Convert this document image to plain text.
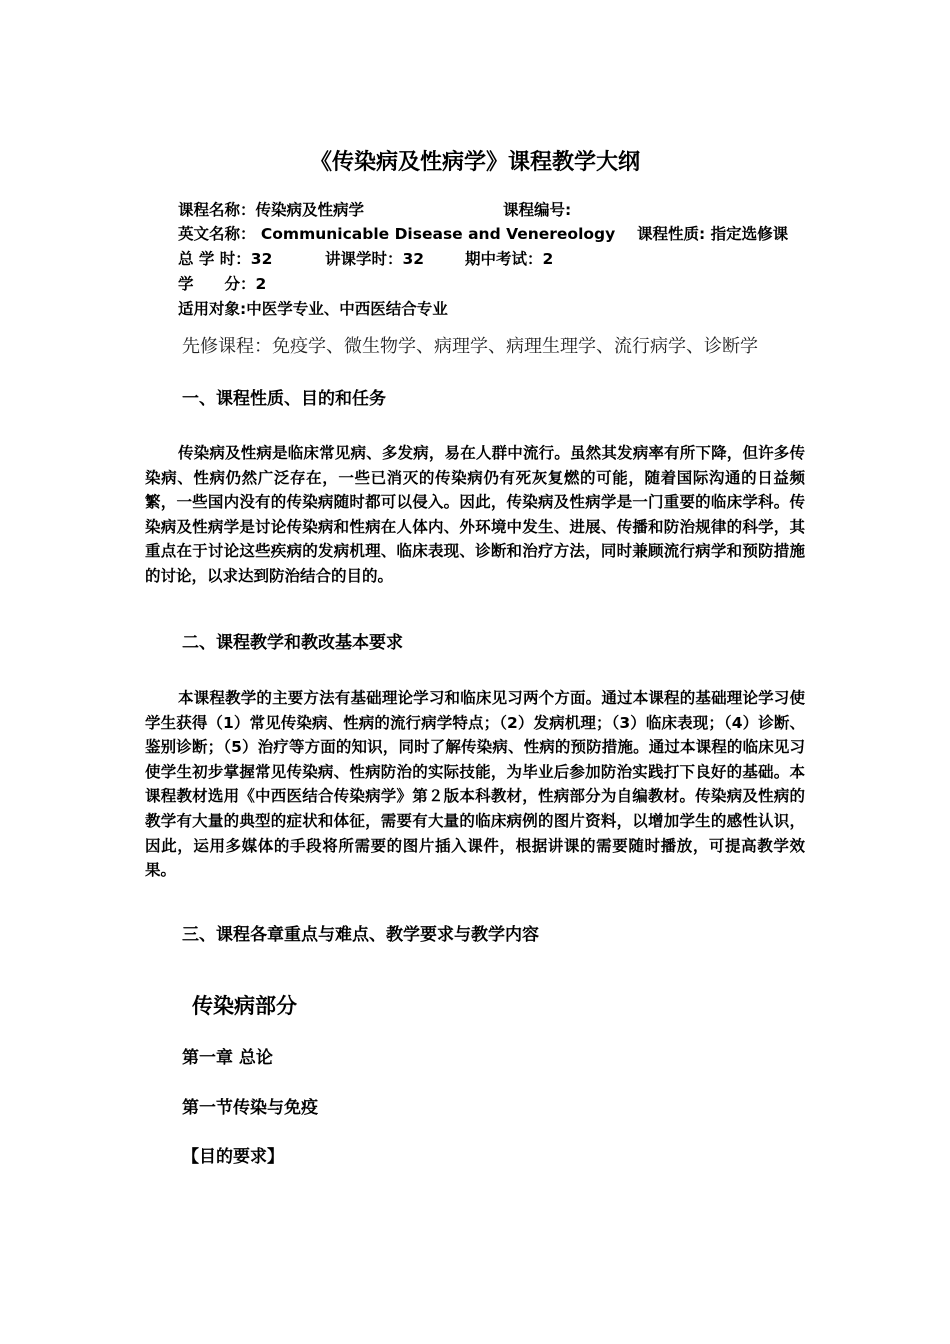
《传染病及性病学》课程教学大纲
课程名称：传染病及性病学	课程编号:
英文名称： Communicable Disease and Venereology 课程性质: 指定选修课
总 学 时：32	讲课学时：32	期中考试：2
学　　分：2
适用对象:中医学专业、中西医结合专业
先修课程：免疫学、微生物学、病理学、病理生理学、流行病学、诊断学
一、课程性质、目的和任务

传染病及性病是临床常见病、多发病，易在人群中流行。虽然其发病率有所下降，但许多传染病、性病仍然广泛存在，一些已消灭的传染病仍有死灰复燃的可能，随着国际沟通的日益频繁，一些国内没有的传染病随时都可以侵入。因此，传染病及性病学是一门重要的临床学科。传染病及性病学是讨论传染病和性病在人体内、外环境中发生、进展、传播和防治规律的科学，其重点在于讨论这些疾病的发病机理、临床表现、诊断和治疗方法，同时兼顾流行病学和预防措施的讨论，以求达到防治结合的目的。

二、课程教学和教改基本要求

本课程教学的主要方法有基础理论学习和临床见习两个方面。通过本课程的基础理论学习使学生获得（1）常见传染病、性病的流行病学特点；（2）发病机理；（3）临床表现；（4）诊断、鉴别诊断；（5）治疗等方面的知识，同时了解传染病、性病的预防措施。通过本课程的临床见习使学生初步掌握常见传染病、性病防治的实际技能，为毕业后参加防治实践打下良好的基础。本课程教材选用《中西医结合传染病学》第２版本科教材，性病部分为自编教材。传染病及性病的教学有大量的典型的症状和体征，需要有大量的临床病例的图片资料，以增加学生的感性认识，因此，运用多媒体的手段将所需要的图片插入课件，根据讲课的需要随时播放，可提高教学效果。

三、课程各章重点与难点、教学要求与教学内容
传染病部分
第一章 总论
第一节传染与免疫
【目的要求】
